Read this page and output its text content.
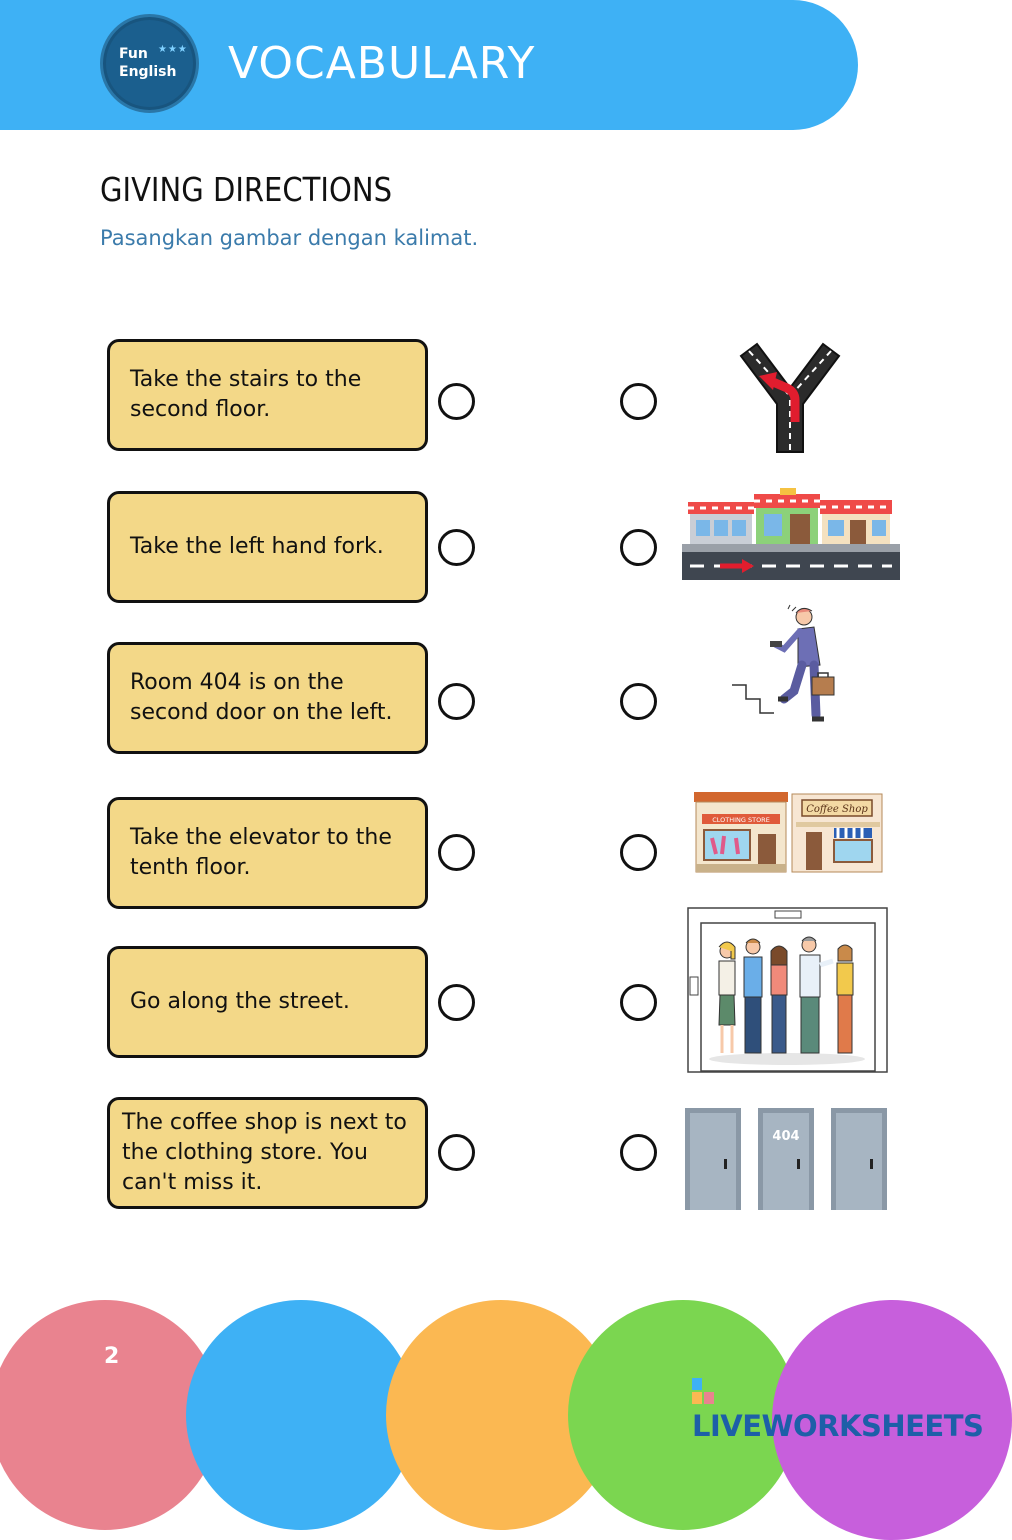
Fun
English
★★★ VOCABULARY
GIVING DIRECTIONS
Pasangkan gambar dengan kalimat.
Take the stairs to the second floor.
Take the left hand fork.
Room 404 is on the second door on the left.
Take the elevator to the tenth floor.
Go along the street.
The coffee shop is next to the clothing store. You can't miss it.
CLOTHING STORE
Coffee Shop
404
2
LIVEWORKSHEETS
